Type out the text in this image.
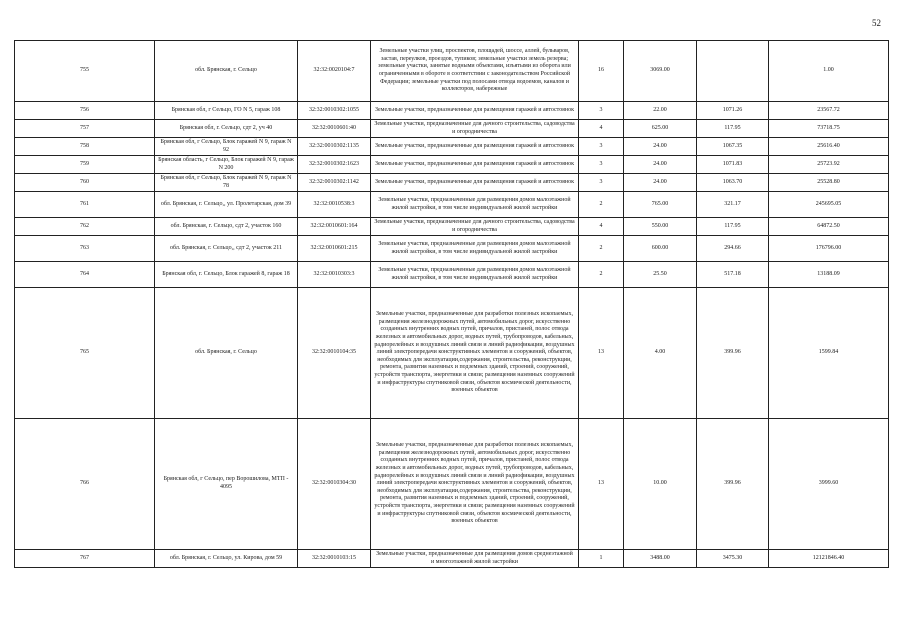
52
755	обл. Брянская, г. Сельцо	32:32:0020104:7	Земельные участки улиц, проспектов, площадей, шоссе, аллей, бульваров, застав, переулков, проездов, тупиков; земельные участки земель резерва; земельные участки, занятые водными объектами, изъятыми из оборота или ограниченными в обороте в соответствии с законодательством Российской Федерации; земельные участки под полосами отвода водоемов, каналов и коллекторов, набережные	16	3069.00		1.00
756	Брянская обл, г Сельцо, ГО N 5, гараж 108	32:32:0010302:1055	Земельные участки, предназначенные для размещения гаражей и автостоянок	3	22.00	1071.26	23567.72
757	Брянская обл, г. Сельцо, сдт 2, уч 40	32:32:0010601:40	Земельные участки, предназначенные для дачного строительства, садоводства и огородничества	4	625.00	117.95	73718.75
758	Брянская обл, г Сельцо, Блок гаражей N 9, гараж N 92	32:32:0010302:1135	Земельные участки, предназначенные для размещения гаражей и автостоянок	3	24.00	1067.35	25616.40
759	Брянская область, г Сельцо, Блок гаражей N 9, гараж N 200	32:32:0010302:1623	Земельные участки, предназначенные для размещения гаражей и автостоянок	3	24.00	1071.83	25723.92
760	Брянская обл, г Сельцо, Блок гаражей N 9, гараж N 78	32:32:0010302:1142	Земельные участки, предназначенные для размещения гаражей и автостоянок	3	24.00	1063.70	25528.80
761	обл. Брянская, г. Сельцо,, ул. Пролетарская, дом 39	32:32:0010538:3	Земельные участки, предназначенные для размещения домов малоэтажной жилой застройки, в том числе индивидуальной жилой застройки	2	765.00	321.17	245695.05
762	обл. Брянская, г. Сельцо, сдт 2, участок 160	32:32:0010601:164	Земельные участки, предназначенные для дачного строительства, садоводства и огородничества	4	550.00	117.95	64872.50
763	обл. Брянская, г. Сельцо,, сдт 2, участок 211	32:32:0010601:215	Земельные участки, предназначенные для размещения домов малоэтажной жилой застройки, в том числе индивидуальной жилой застройки	2	600.00	294.66	176796.00
764	Брянская обл, г. Сельцо, Блок гаражей 8, гараж 18	32:32:0010303:3	Земельные участки, предназначенные для размещения домов малоэтажной жилой застройки, в том числе индивидуальной жилой застройки	2	25.50	517.18	13188.09
765	обл. Брянская, г. Сельцо	32:32:0010104:35	Земельные участки, предназначенные для разработки полезных ископаемых, размещения железнодорожных путей, автомобильных дорог, искусственно созданных внутренних водных путей, причалов, пристаней, полос отвода железных и автомобильных дорог, водных путей, трубопроводов, кабельных, радиорелейных и воздушных линий связи и линий радиофикации, воздушных линий электропередачи конструктивных элементов и сооружений, объектов, необходимых для эксплуатации,содержания, строительства, реконструкции, ремонта, развития наземных и подземных зданий, строений, сооружений, устройств транспорта, энергетики и связи; размещения наземных сооружений и инфраструктуры спутниковой связи, объектов космической деятельности, военных объектов	13	4.00	399.96	1599.84
766	Брянская обл, г Сельцо, пер Ворошилова, МТП - 4095	32:32:0010304:30	Земельные участки, предназначенные для разработки полезных ископаемых, размещения железнодорожных путей, автомобильных дорог, искусственно созданных внутренних водных путей, причалов, пристаней, полос отвода железных и автомобильных дорог, водных путей, трубопроводов, кабельных, радиорелейных и воздушных линий связи и линий радиофикации, воздушных линий электропередачи конструктивных элементов и сооружений, объектов, необходимых для эксплуатации,содержания, строительства, реконструкции, ремонта, развития наземных и подземных зданий, строений, сооружений, устройств транспорта, энергетики и связи; размещения наземных сооружений и инфраструктуры спутниковой связи, объектов космической деятельности, военных объектов	13	10.00	399.96	3999.60
767	обл. Брянская, г. Сельцо, ул. Кирова, дом 59	32:32:0010103:15	Земельные участки, предназначенные для размещения домов среднеэтажной и многоэтажной жилой застройки	1	3488.00	3475.30	12121846.40
